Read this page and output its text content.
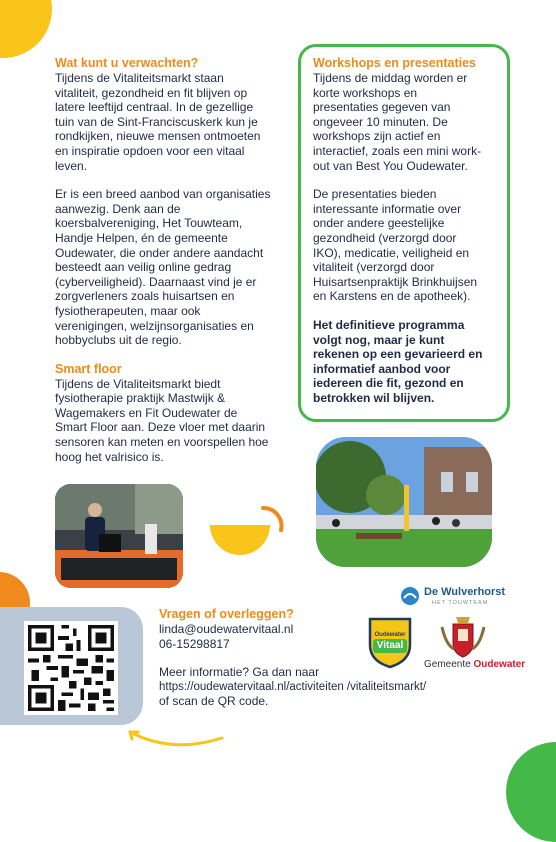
Wat kunt u verwachten?

Tijdens de Vitaliteitsmarkt staan
vitaliteit, gezondheid en fit blijven op
latere leeftijd centraal. In de gezellige
tuin van de Sint-Franciscuskerk kun je
rondkijken, nieuwe mensen ontmoeten
en inspiratie opdoen voor een vitaal
leven.

Er is een breed aanbod van organisaties
aanwezig. Denk aan de
koersbalvereniging, Het Touwteam,
Handje Helpen, én de gemeente
Oudewater, die onder andere aandacht
besteedt aan veilig online gedrag
(cyberveiligheid). Daarnaast vind je er
zorgverleners zoals huisartsen en
fysiotherapeuten, maar ook
verenigingen, welzijnsorganisaties en
hobbyclubs uit de regio.

Smart floor

Tijdens de Vitaliteitsmarkt biedt
fysiotherapie praktijk Mastwijk &
Wagemakers en Fit Oudewater de
Smart Floor aan. Deze vloer met daarin
sensoren kan meten en voorspellen hoe
hoog het valrisico is.

Workshops en presentaties

Tijdens de middag worden er
korte workshops en
presentaties gegeven van
ongeveer 10 minuten. De
workshops zijn actief en
interactief, zoals een mini work-
out van Best You Oudewater.

De presentaties bieden
interessante informatie over
onder andere geestelijke
gezondheid (verzorgd door
IKO), medicatie, veiligheid en
vitaliteit (verzorgd door
Huisartsenpraktijk Brinkhuijsen
en Karstens en de apotheek).

Het definitieve programma
volgt nog, maar je kunt
rekenen op een gevarieerd en
informatief aanbod voor
iedereen die fit, gezond en
betrokken wil blijven.

Vragen of overleggen?
linda@oudewatervitaal.nl
06-15298817
Meer informatie? Ga dan naar
https://oudewatervitaal.nl/activiteiten /vitaliteitsmarkt/
of scan de QR code.
De Wulverhorst
HET TOUWTEAM
Oudewater
Vitaal
Gemeente Oudewater
